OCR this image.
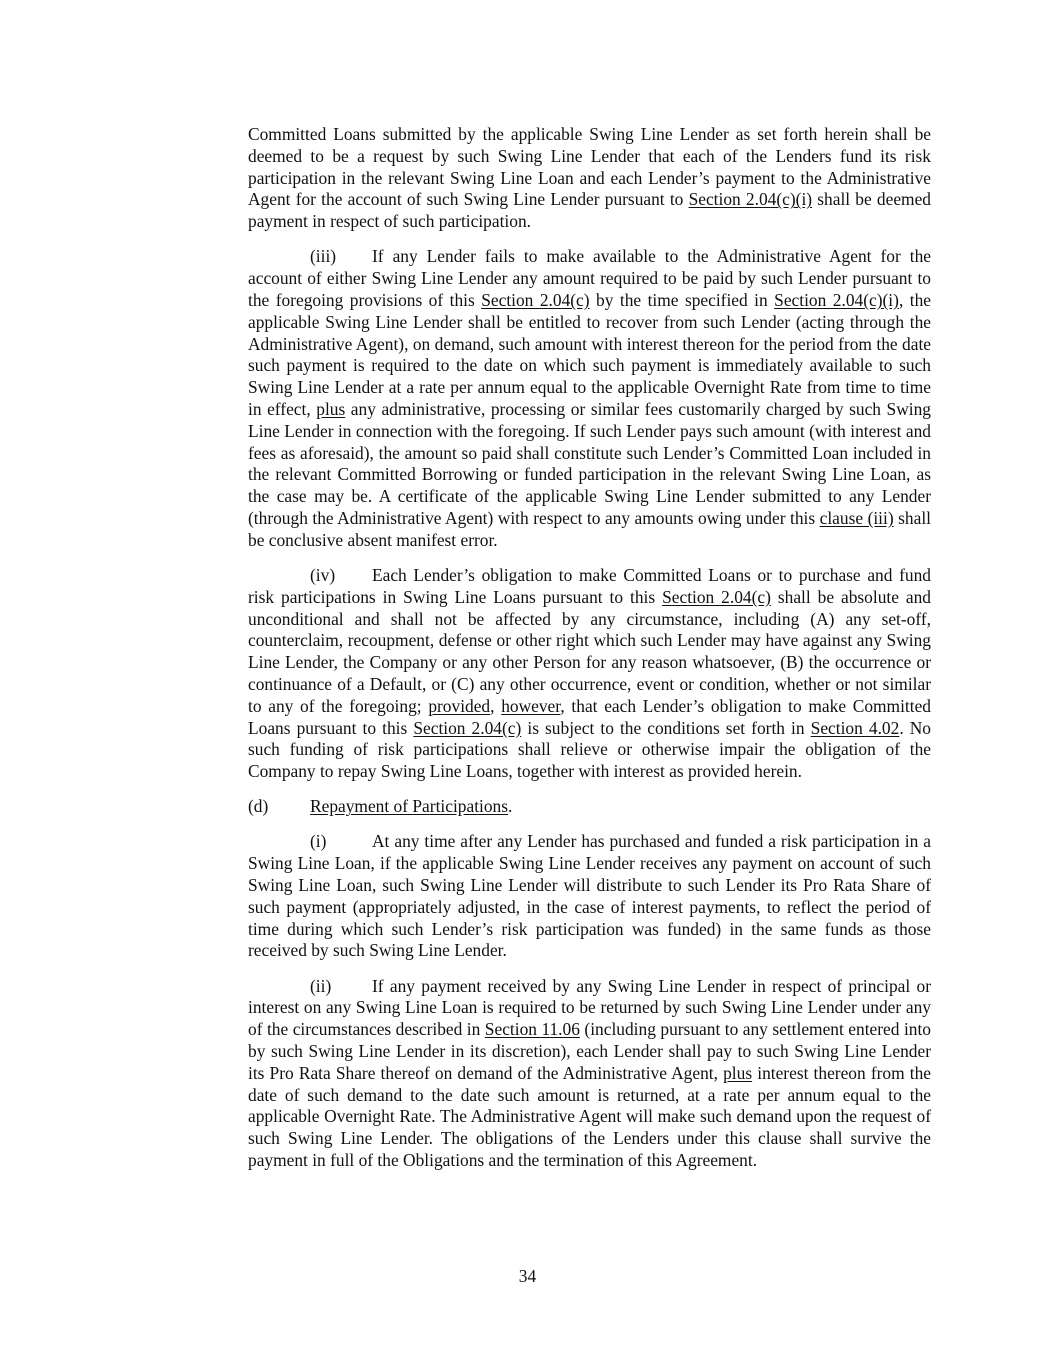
Committed Loans submitted by the applicable Swing Line Lender as set forth herein shall be deemed to be a request by such Swing Line Lender that each of the Lenders fund its risk participation in the relevant Swing Line Loan and each Lender’s payment to the Administrative Agent for the account of such Swing Line Lender pursuant to Section 2.04(c)(i) shall be deemed payment in respect of such participation.

(iii) If any Lender fails to make available to the Administrative Agent for the account of either Swing Line Lender any amount required to be paid by such Lender pursuant to the foregoing provisions of this Section 2.04(c) by the time specified in Section 2.04(c)(i), the applicable Swing Line Lender shall be entitled to recover from such Lender (acting through the Administrative Agent), on demand, such amount with interest thereon for the period from the date such payment is required to the date on which such payment is immediately available to such Swing Line Lender at a rate per annum equal to the applicable Overnight Rate from time to time in effect, plus any administrative, processing or similar fees customarily charged by such Swing Line Lender in connection with the foregoing. If such Lender pays such amount (with interest and fees as aforesaid), the amount so paid shall constitute such Lender’s Committed Loan included in the relevant Committed Borrowing or funded participation in the relevant Swing Line Loan, as the case may be. A certificate of the applicable Swing Line Lender submitted to any Lender (through the Administrative Agent) with respect to any amounts owing under this clause (iii) shall be conclusive absent manifest error.

(iv) Each Lender’s obligation to make Committed Loans or to purchase and fund risk participations in Swing Line Loans pursuant to this Section 2.04(c) shall be absolute and unconditional and shall not be affected by any circumstance, including (A) any set-off, counterclaim, recoupment, defense or other right which such Lender may have against any Swing Line Lender, the Company or any other Person for any reason whatsoever, (B) the occurrence or continuance of a Default, or (C) any other occurrence, event or condition, whether or not similar to any of the foregoing; provided, however, that each Lender’s obligation to make Committed Loans pursuant to this Section 2.04(c) is subject to the conditions set forth in Section 4.02. No such funding of risk participations shall relieve or otherwise impair the obligation of the Company to repay Swing Line Loans, together with interest as provided herein.

(d) Repayment of Participations.

(i)	At any time after any Lender has purchased and funded a risk participation in a Swing Line Loan, if the applicable Swing Line Lender receives any payment on account of such Swing Line Loan, such Swing Line Lender will distribute to such Lender its Pro Rata Share of such payment (appropriately adjusted, in the case of interest payments, to reflect the period of time during which such Lender’s risk participation was funded) in the same funds as those received by such Swing Line Lender.

(ii) If any payment received by any Swing Line Lender in respect of principal or interest on any Swing Line Loan is required to be returned by such Swing Line Lender under any of the circumstances described in Section 11.06 (including pursuant to any settlement entered into by such Swing Line Lender in its discretion), each Lender shall pay to such Swing Line Lender its Pro Rata Share thereof on demand of the Administrative Agent, plus interest thereon from the date of such demand to the date such amount is returned, at a rate per annum equal to the applicable Overnight Rate. The Administrative Agent will make such demand upon the request of such Swing Line Lender. The obligations of the Lenders under this clause shall survive the payment in full of the Obligations and the termination of this Agreement.

34
